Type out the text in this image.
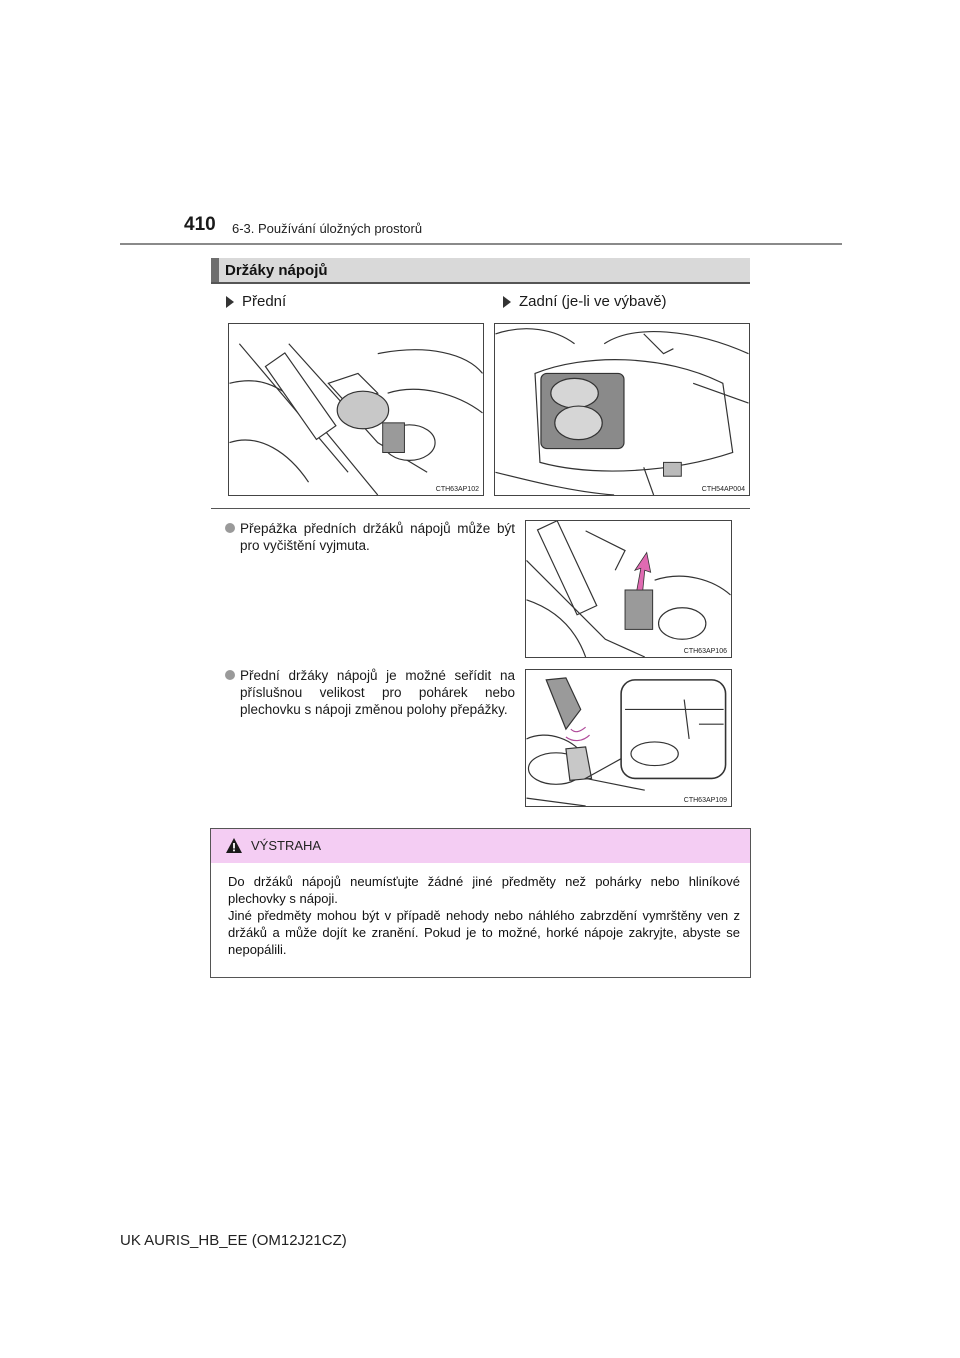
410 6-3. Používání úložných prostorů
Držáky nápojů
Přední	Zadní (je-li ve výbavě)
CTH63AP102	CTH54AP004
Přepážka předních držáků nápojů může být pro vyčištění vyjmuta.
CTH63AP106
Přední držáky nápojů je možné seřídit na příslušnou velikost pro pohárek nebo plechovku s nápoji změnou polohy přepážky.
CTH63AP109
VÝSTRAHA

Do držáků nápojů neumísťujte žádné jiné předměty než pohárky nebo hliníkové plechovky s nápoji.

Jiné předměty mohou být v případě nehody nebo náhlého zabrzdění vymrštěny ven z držáků a může dojít ke zranění. Pokud je to možné, horké nápoje zakryjte, abyste se nepopálili.

UK AURIS_HB_EE (OM12J21CZ)
